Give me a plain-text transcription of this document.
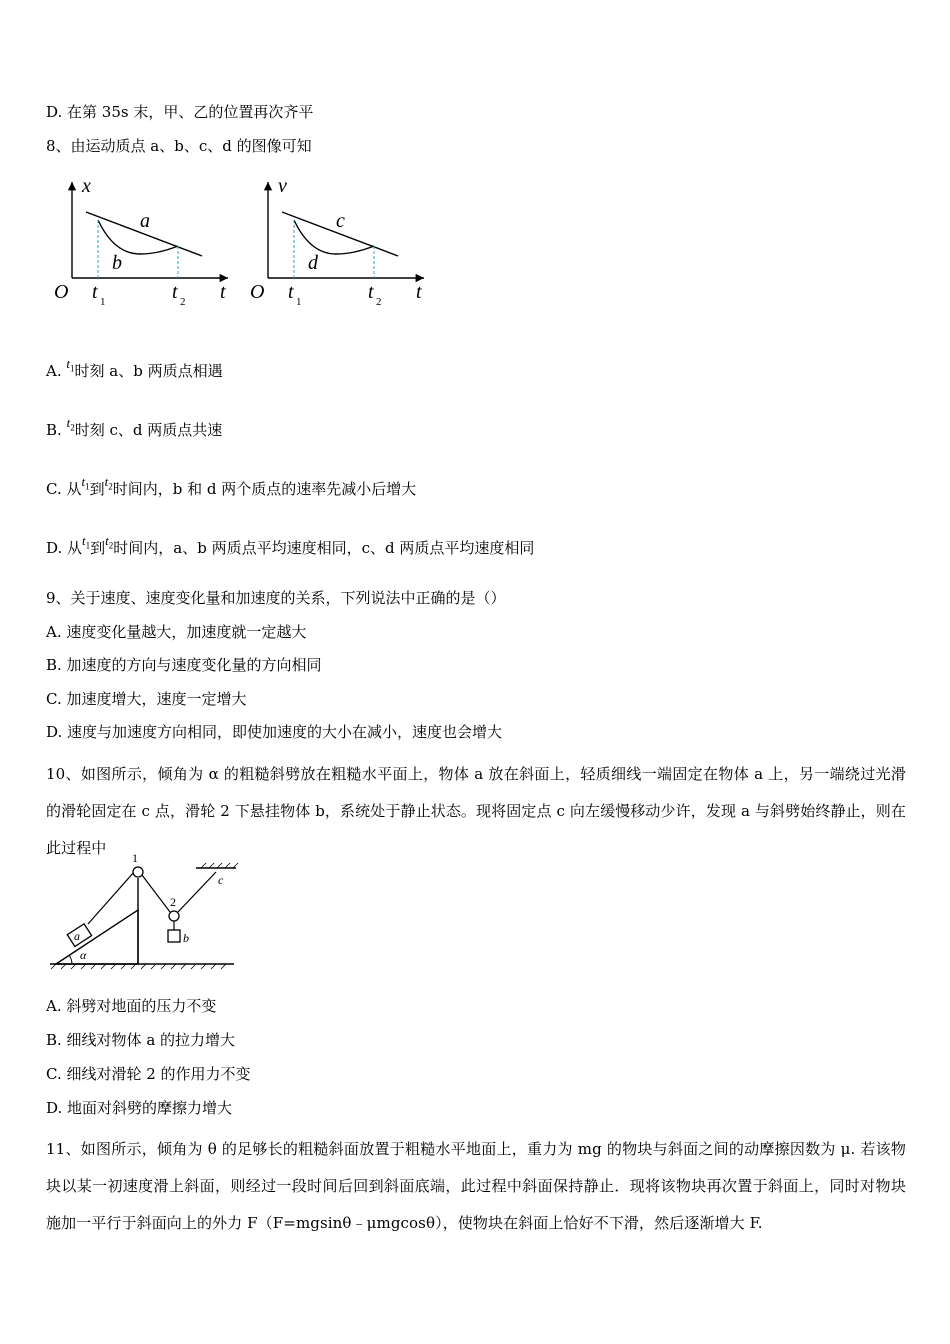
D. 在第 35s 末，甲、乙的位置再次齐平
8、由运动质点 a、b、c、d 的图像可知
x
a
b
O t 1	t 2 t
v
c
d
O t 1	t 2 t
A. $t_1$时刻 a、b 两质点相遇
B. $t_2$时刻 c、d 两质点共速
C. 从$t_1$到$t_2$时间内，b 和 d 两个质点的速率先减小后增大
D. 从$t_1$到$t_2$时间内，a、b 两质点平均速度相同，c、d 两质点平均速度相同
9、关于速度、速度变化量和加速度的关系，下列说法中正确的是（）
A. 速度变化量越大，加速度就一定越大
B. 加速度的方向与速度变化量的方向相同
C. 加速度增大，速度一定增大
D. 速度与加速度方向相同，即使加速度的大小在减小，速度也会增大
10、如图所示，倾角为 α 的粗糙斜劈放在粗糙水平面上，物体 a 放在斜面上，轻质细线一端固定在物体 a 上，另一端绕过光滑的滑轮固定在 c 点，滑轮 2 下悬挂物体 b，系统处于静止状态。现将固定点 c 向左缓慢移动少许，发现 a 与斜劈始终静止，则在此过程中
a
1
2
b
c
α
A. 斜劈对地面的压力不变
B. 细线对物体 a 的拉力增大
C. 细线对滑轮 2 的作用力不变
D. 地面对斜劈的摩擦力增大
11、如图所示，倾角为 θ 的足够长的粗糙斜面放置于粗糙水平地面上，重力为 mg 的物块与斜面之间的动摩擦因数为 μ. 若该物块以某一初速度滑上斜面，则经过一段时间后回到斜面底端，此过程中斜面保持静止．现将该物块再次置于斜面上，同时对物块施加一平行于斜面向上的外力 F（F=mgsinθ﹣μmgcosθ），使物块在斜面上恰好不下滑，然后逐渐增大 F.
